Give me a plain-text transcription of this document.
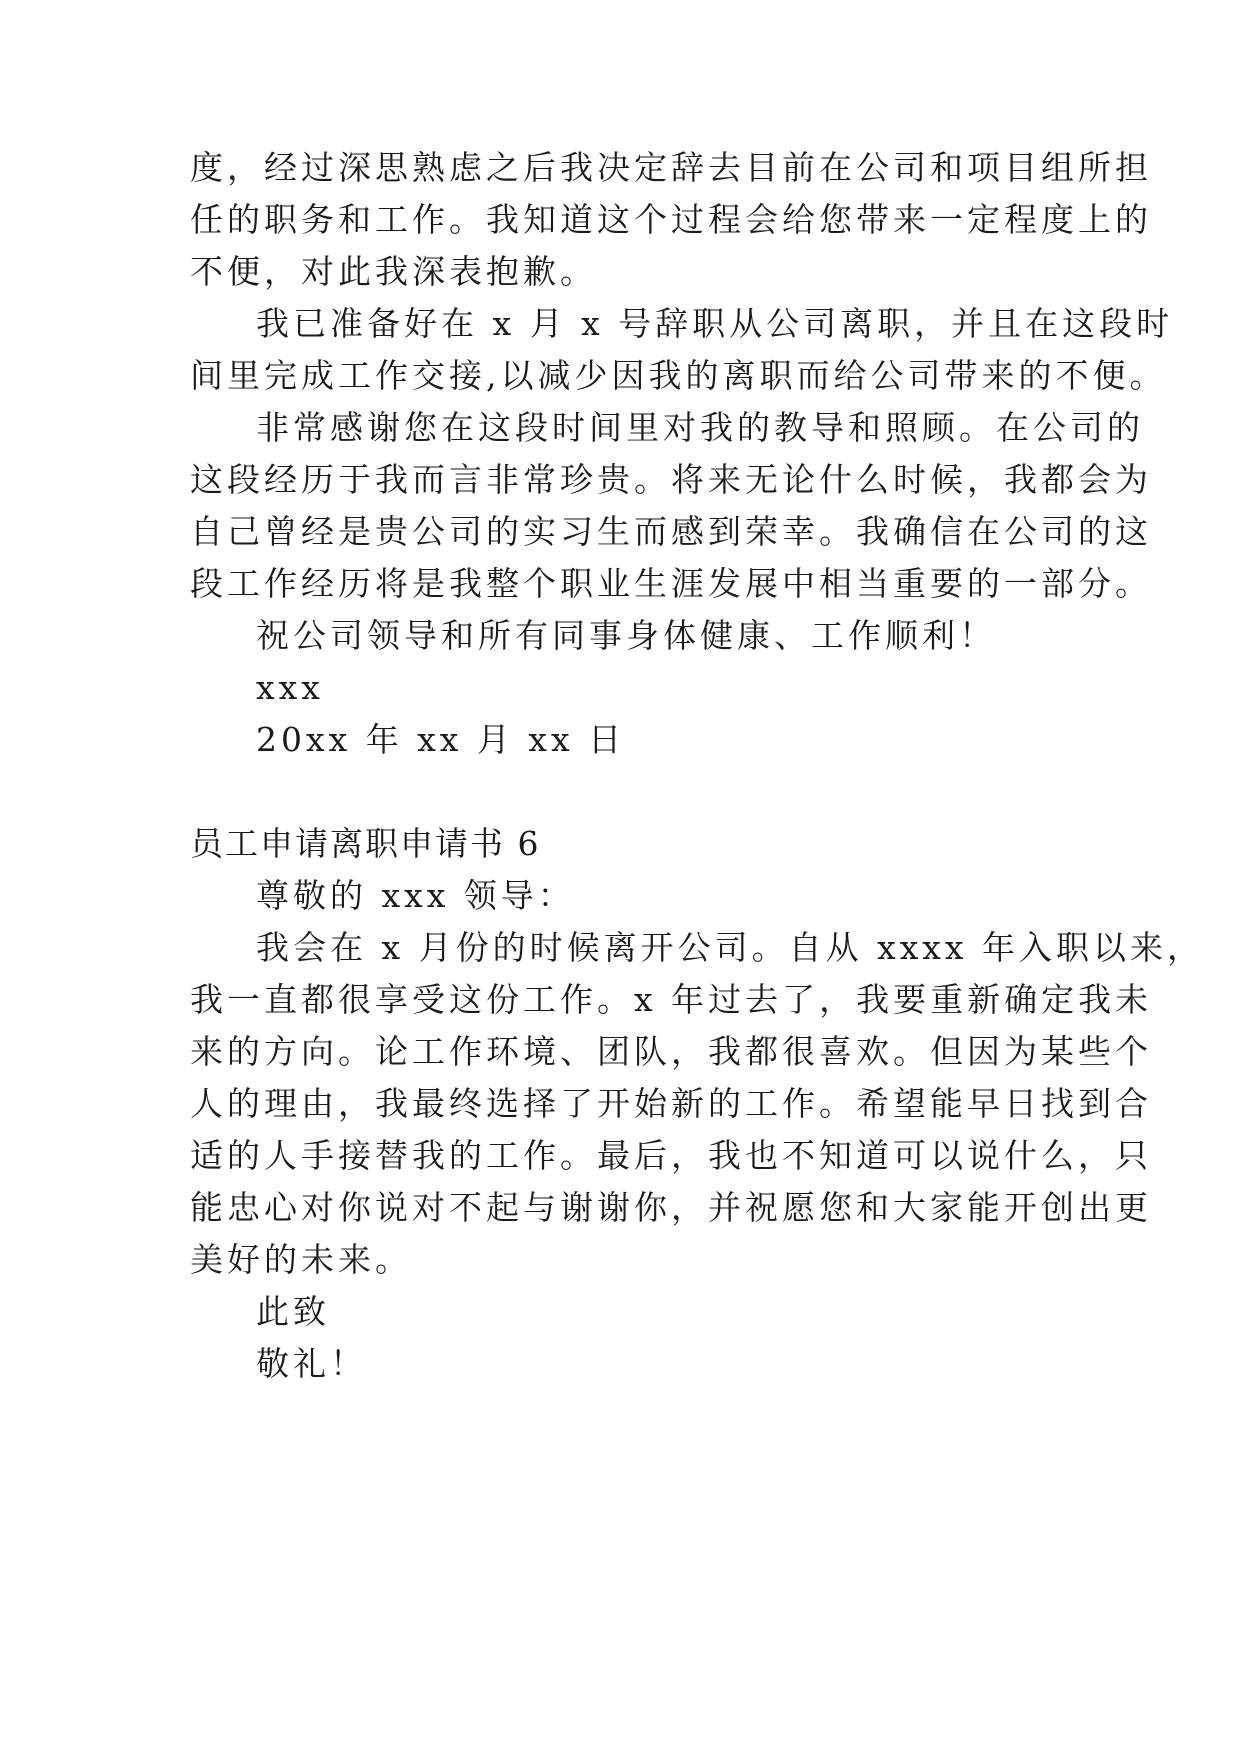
度，经过深思熟虑之后我决定辞去目前在公司和项目组所担
任的职务和工作。我知道这个过程会给您带来一定程度上的
不便，对此我深表抱歉。
我已准备好在 x 月 x 号辞职从公司离职，并且在这段时
间里完成工作交接,以减少因我的离职而给公司带来的不便。
非常感谢您在这段时间里对我的教导和照顾。在公司的
这段经历于我而言非常珍贵。将来无论什么时候，我都会为
自己曾经是贵公司的实习生而感到荣幸。我确信在公司的这
段工作经历将是我整个职业生涯发展中相当重要的一部分。
祝公司领导和所有同事身体健康、工作顺利！
xxx
20xx 年 xx 月 xx 日
员工申请离职申请书 6
尊敬的 xxx 领导：
我会在 x 月份的时候离开公司。自从 xxxx 年入职以来，
我一直都很享受这份工作。x 年过去了，我要重新确定我未
来的方向。论工作环境、团队，我都很喜欢。但因为某些个
人的理由，我最终选择了开始新的工作。希望能早日找到合
适的人手接替我的工作。最后，我也不知道可以说什么，只
能忠心对你说对不起与谢谢你，并祝愿您和大家能开创出更
美好的未来。
此致
敬礼！
